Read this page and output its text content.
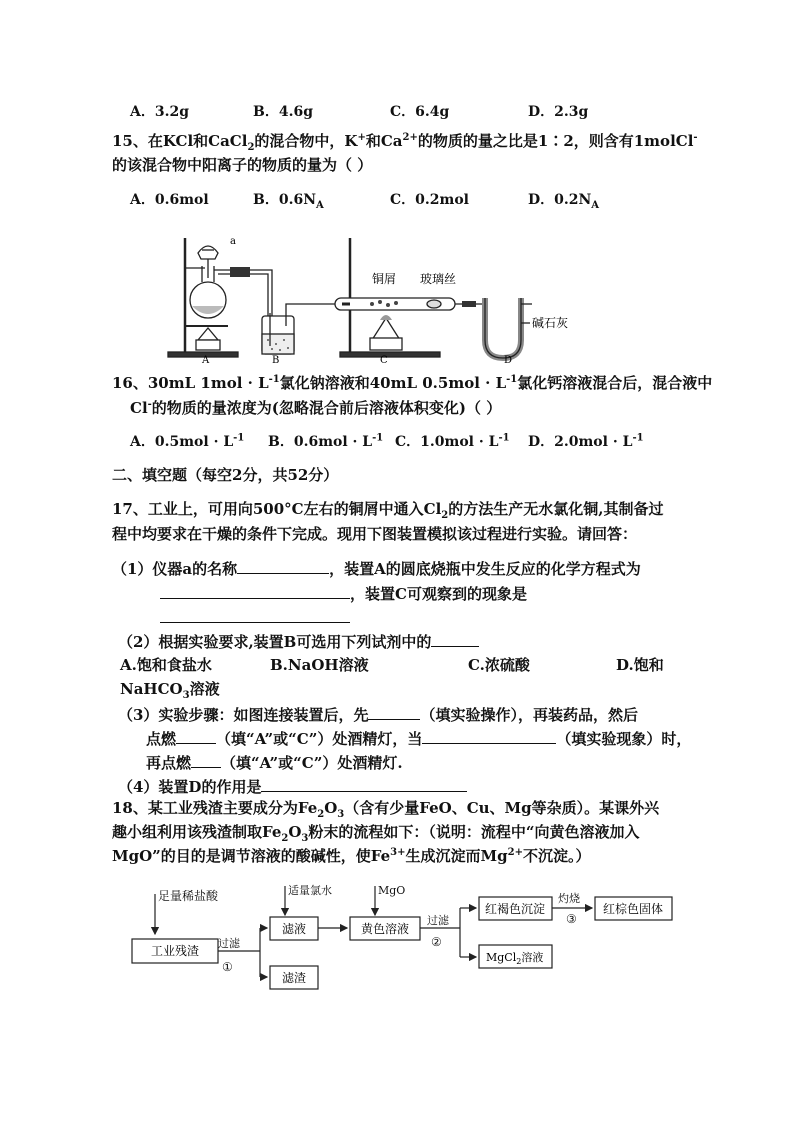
A．3.2g	B．4.6g	C．6.4g	D．2.3g
15、在KCl和CaCl$_2$的混合物中，K+和$Ca^{2+}$的物质的量之比是1∶2，则含有1molCl-
的该混合物中阳离子的物质的量为（ ）
A．0.6mol	B．$0.6N_A$	C．0.2mol	D．$0.2N_A$
a
铜屑 玻璃丝
碱石灰
A	B	C	D
16、30mL $1mol \cdot L^{-1}$氯化钠溶液和40mL $0.5mol \cdot L^{-1}$氯化钙溶液混合后，混合液中
Cl-的物质的量浓度为(忽略混合前后溶液体积变化)（ ）
A．$0.5mol \cdot L^{-1}$ B．$0.6mol \cdot L^{-1}$ C．$1.0mol \cdot L^{-1}$ D．$2.0mol \cdot L^{-1}$
二、填空题（每空2分，共52分）
17、工业上，可用向500°C左右的铜屑中通入$Cl_2$的方法生产无水氯化铜,其制备过
程中均要求在干燥的条件下完成。现用下图装置模拟该过程进行实验。请回答：
（1）仪器a的名称	，装置A的圆底烧瓶中发生反应的化学方程式为
，装置C可观察到的现象是
（2）根据实验要求,装置B可选用下列试剂中的
A.饱和食盐水	B.NaOH溶液	C.浓硫酸	D.饱和
NaHCO$_3$溶液
（3）实验步骤：如图连接装置后，先	（填实验操作），再装药品，然后
点燃	（填“A”或“C”）处酒精灯，当	（填实验现象）时，
再点燃 （填“A”或“C”）处酒精灯.
（4）装置D的作用是
18、某工业残渣主要成分为$Fe_2O_3$（含有少量FeO、Cu、Mg等杂质）。某课外兴
趣小组利用该残渣制取$Fe_2O_3$粉末的流程如下：（说明：流程中“向黄色溶液加入
MgO”的目的是调节溶液的酸碱性，使$Fe^{3+}$生成沉淀而$Mg^{2+}$不沉淀。）
足量稀盐酸	适量氯水	MgO
过滤
①
过滤
②
灼烧
③
工业残渣
滤液
滤渣
黄色溶液
红褐色沉淀
MgCl$_2$溶液
红棕色固体
